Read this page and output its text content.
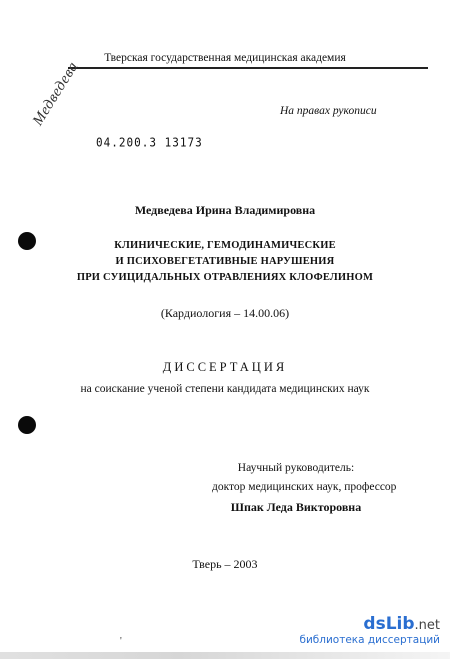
Тверская государственная медицинская академия
На правах рукописи
Медведева
04.200.3 13173
Медведева Ирина Владимировна
КЛИНИЧЕСКИЕ, ГЕМОДИНАМИЧЕСКИЕ
И ПСИХОВЕГЕТАТИВНЫЕ НАРУШЕНИЯ
ПРИ СУИЦИДАЛЬНЫХ ОТРАВЛЕНИЯХ КЛОФЕЛИНОМ
(Кардиология – 14.00.06)
ДИССЕРТАЦИЯ
на соискание ученой степени кандидата медицинских наук
Научный руководитель:
доктор медицинских наук, профессор
Шпак Леда Викторовна
Тверь – 2003
'
dsLib.net
библиотека диссертаций
